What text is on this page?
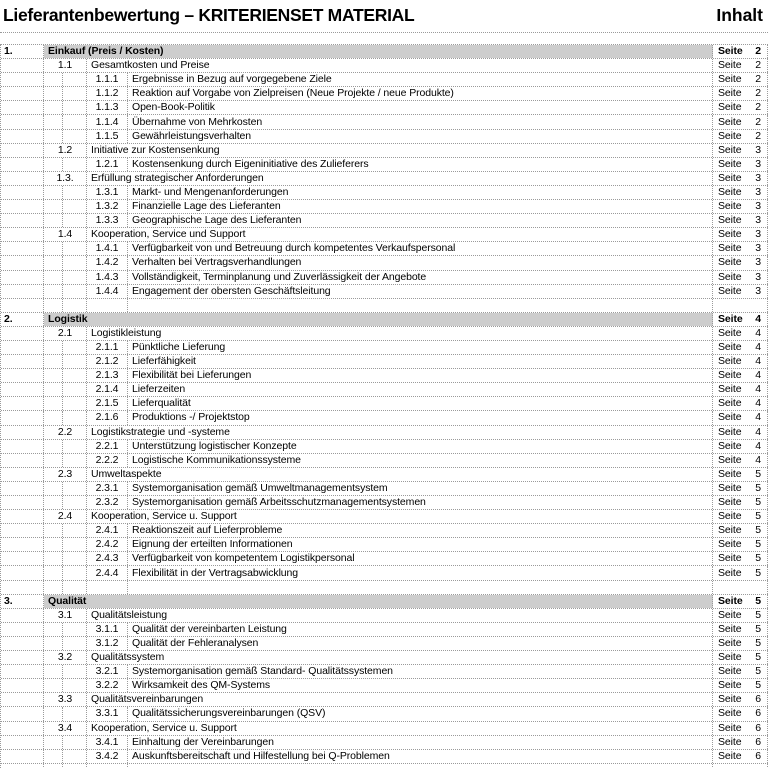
Lieferantenbewertung – KRITERIENSET MATERIAL	Inhalt
1.	Einkauf (Preis / Kosten)	Seite 2
1.1	Gesamtkosten und Preise	Seite 2
1.1.1	Ergebnisse in Bezug auf vorgegebene Ziele	Seite 2
1.1.2	Reaktion auf Vorgabe von Zielpreisen (Neue Projekte / neue Produkte)	Seite 2
1.1.3	Open-Book-Politik	Seite 2
1.1.4	Übernahme von Mehrkosten	Seite 2
1.1.5	Gewährleistungsverhalten	Seite 2
1.2	Initiative zur Kostensenkung	Seite 3
1.2.1	Kostensenkung durch Eigeninitiative des Zulieferers	Seite 3
1.3.	Erfüllung strategischer Anforderungen	Seite 3
1.3.1	Markt- und Mengenanforderungen	Seite 3
1.3.2	Finanzielle Lage des Lieferanten	Seite 3
1.3.3	Geographische Lage des Lieferanten	Seite 3
1.4	Kooperation, Service und Support	Seite 3
1.4.1	Verfügbarkeit von und Betreuung durch kompetentes Verkaufspersonal	Seite 3
1.4.2	Verhalten bei Vertragsverhandlungen	Seite 3
1.4.3	Vollständigkeit, Terminplanung und Zuverlässigkeit der Angebote	Seite 3
1.4.4	Engagement der obersten Geschäftsleitung	Seite 3
2.	Logistik	Seite 4
2.1	Logistikleistung	Seite 4
2.1.1	Pünktliche Lieferung	Seite 4
2.1.2	Lieferfähigkeit	Seite 4
2.1.3	Flexibilität bei Lieferungen	Seite 4
2.1.4	Lieferzeiten	Seite 4
2.1.5	Lieferqualität	Seite 4
2.1.6	Produktions -/ Projektstop	Seite 4
2.2	Logistikstrategie und -systeme	Seite 4
2.2.1	Unterstützung logistischer Konzepte	Seite 4
2.2.2	Logistische Kommunikationssysteme	Seite 4
2.3	Umweltaspekte	Seite 5
2.3.1	Systemorganisation gemäß Umweltmanagementsystem	Seite 5
2.3.2	Systemorganisation gemäß Arbeitsschutzmanagementsystemen	Seite 5
2.4	Kooperation, Service u. Support	Seite 5
2.4.1	Reaktionszeit auf Lieferprobleme	Seite 5
2.4.2	Eignung der erteilten Informationen	Seite 5
2.4.3	Verfügbarkeit von kompetentem Logistikpersonal	Seite 5
2.4.4	Flexibilität in der Vertragsabwicklung	Seite 5
3.	Qualität	Seite 5
3.1	Qualitätsleistung	Seite 5
3.1.1	Qualität der vereinbarten Leistung	Seite 5
3.1.2	Qualität der Fehleranalysen	Seite 5
3.2	Qualitätssystem	Seite 5
3.2.1	Systemorganisation gemäß Standard- Qualitätssystemen	Seite 5
3.2.2	Wirksamkeit des QM-Systems	Seite 5
3.3	Qualitätsvereinbarungen	Seite 6
3.3.1	Qualitätssicherungsvereinbarungen (QSV)	Seite 6
3.4	Kooperation, Service u. Support	Seite 6
3.4.1	Einhaltung der Vereinbarungen	Seite 6
3.4.2	Auskunftsbereitschaft und Hilfestellung bei Q-Problemen	Seite 6
